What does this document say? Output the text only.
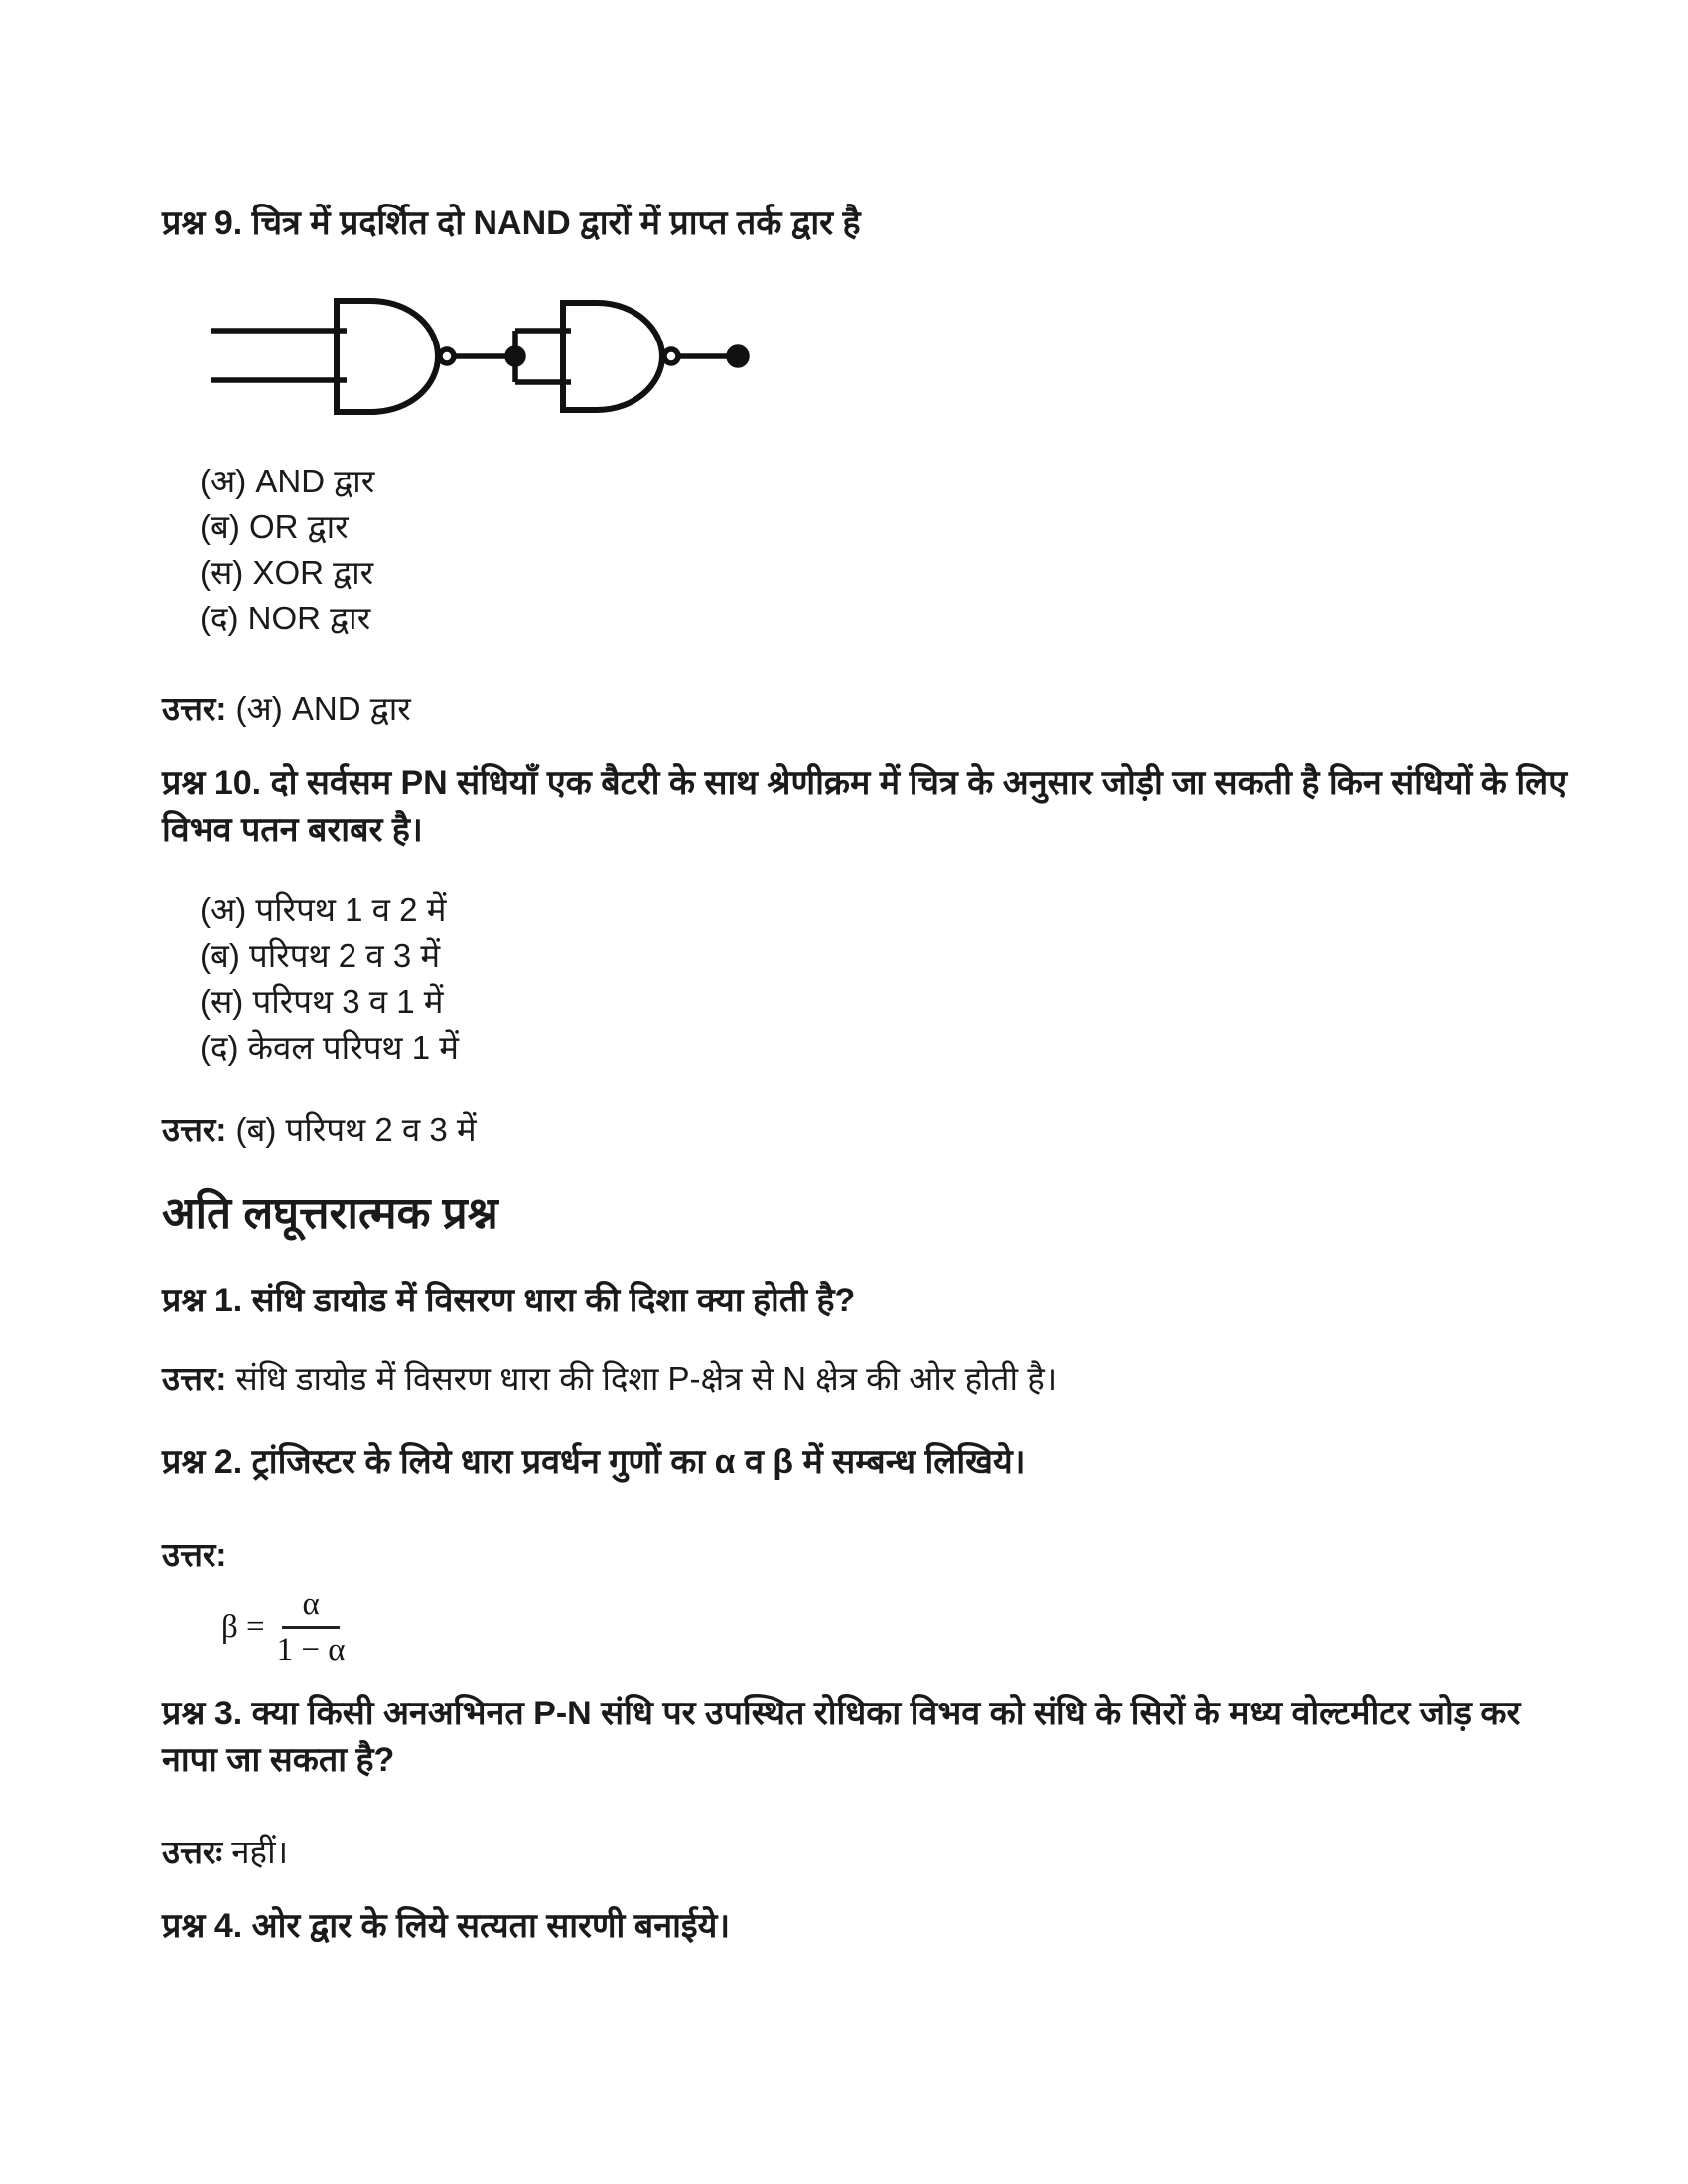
प्रश्न 9. चित्र में प्रदर्शित दो NAND द्वारों में प्राप्त तर्क द्वार है

(अ) AND द्वार
(ब) OR द्वार
(स) XOR द्वार
(द) NOR द्वार

उत्तर: (अ) AND द्वार

प्रश्न 10. दो सर्वसम PN संधियाँ एक बैटरी के साथ श्रेणीक्रम में चित्र के अनुसार जोड़ी जा सकती है किन संधियों के लिए विभव पतन बराबर है।

(अ) परिपथ 1 व 2 में
(ब) परिपथ 2 व 3 में
(स) परिपथ 3 व 1 में
(द) केवल परिपथ 1 में

उत्तर: (ब) परिपथ 2 व 3 में

अति लघूत्तरात्मक प्रश्न

प्रश्न 1. संधि डायोड में विसरण धारा की दिशा क्या होती है?

उत्तर: संधि डायोड में विसरण धारा की दिशा P-क्षेत्र से N क्षेत्र की ओर होती है।

प्रश्न 2. ट्रांजिस्टर के लिये धारा प्रवर्धन गुणों का α व β में सम्बन्ध लिखिये।

उत्तर:

$\beta = \frac{\alpha}{1 - \alpha}$

प्रश्न 3. क्या किसी अनअभिनत P-N संधि पर उपस्थित रोधिका विभव को संधि के सिरों के मध्य वोल्टमीटर जोड़ कर नापा जा सकता है?

उत्तरः नहीं।

प्रश्न 4. ओर द्वार के लिये सत्यता सारणी बनाईये।
